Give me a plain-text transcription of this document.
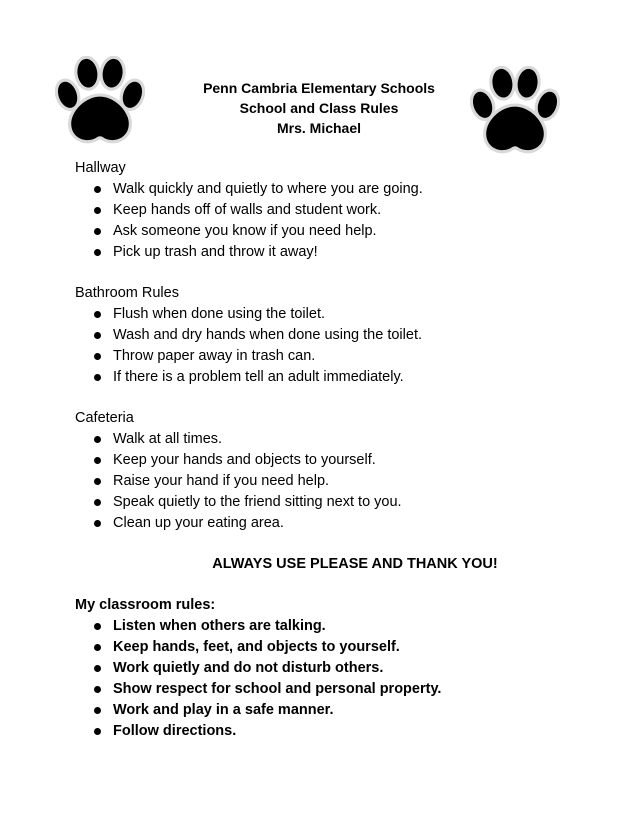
Penn Cambria Elementary Schools
School and Class Rules
Mrs. Michael
Hallway
Walk quickly and quietly to where you are going.
Keep hands off of walls and student work.
Ask someone you know if you need help.
Pick up trash and throw it away!
Bathroom Rules
Flush when done using the toilet.
Wash and dry hands when done using the toilet.
Throw paper away in trash can.
If there is a problem tell an adult immediately.
Cafeteria
Walk at all times.
Keep your hands and objects to yourself.
Raise your hand if you need help.
Speak quietly to the friend sitting next to you.
Clean up your eating area.
ALWAYS USE PLEASE AND THANK YOU!
My classroom rules:
Listen when others are talking.
Keep hands, feet, and objects to yourself.
Work quietly and do not disturb others.
Show respect for school and personal property.
Work and play in a safe manner.
Follow directions.
